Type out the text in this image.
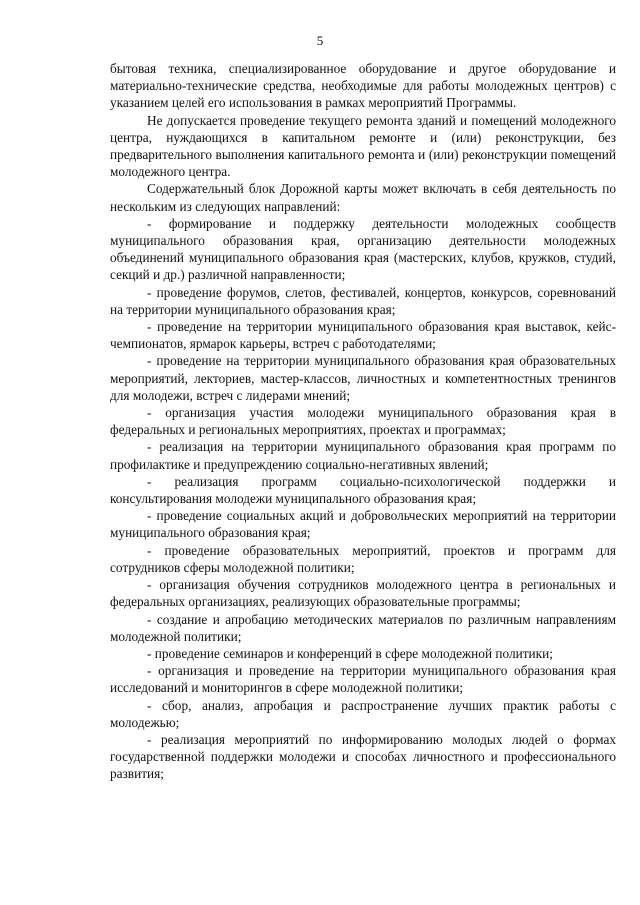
5

бытовая техника, специализированное оборудование и другое оборудование и материально-технические средства, необходимые для работы молодежных центров) с указанием целей его использования в рамках мероприятий Программы.

Не допускается проведение текущего ремонта зданий и помещений молодежного центра, нуждающихся в капитальном ремонте и (или) реконструкции, без предварительного выполнения капитального ремонта и (или) реконструкции помещений молодежного центра.

Содержательный блок Дорожной карты может включать в себя деятельность по нескольким из следующих направлений:

- формирование и поддержку деятельности молодежных сообществ муниципального образования края, организацию деятельности молодежных объединений муниципального образования края (мастерских, клубов, кружков, студий, секций и др.) различной направленности;

- проведение форумов, слетов, фестивалей, концертов, конкурсов, соревнований на территории муниципального образования края;

- проведение на территории муниципального образования края выставок, кейс-чемпионатов, ярмарок карьеры, встреч с работодателями;

- проведение на территории муниципального образования края образовательных мероприятий, лекториев, мастер-классов, личностных и компетентностных тренингов для молодежи, встреч с лидерами мнений;

- организация участия молодежи муниципального образования края в федеральных и региональных мероприятиях, проектах и программах;

- реализация на территории муниципального образования края программ по профилактике и предупреждению социально-негативных явлений;

- реализация программ социально-психологической поддержки и консультирования молодежи муниципального образования края;

- проведение социальных акций и добровольческих мероприятий на территории муниципального образования края;

- проведение образовательных мероприятий, проектов и программ для сотрудников сферы молодежной политики;

- организация обучения сотрудников молодежного центра в региональных и федеральных организациях, реализующих образовательные программы;

- создание и апробацию методических материалов по различным направлениям молодежной политики;

- проведение семинаров и конференций в сфере молодежной политики;

- организация и проведение на территории муниципального образования края исследований и мониторингов в сфере молодежной политики;

- сбор, анализ, апробация и распространение лучших практик работы с молодежью;

- реализация мероприятий по информированию молодых людей о формах государственной поддержки молодежи и способах личностного и профессионального развития;
